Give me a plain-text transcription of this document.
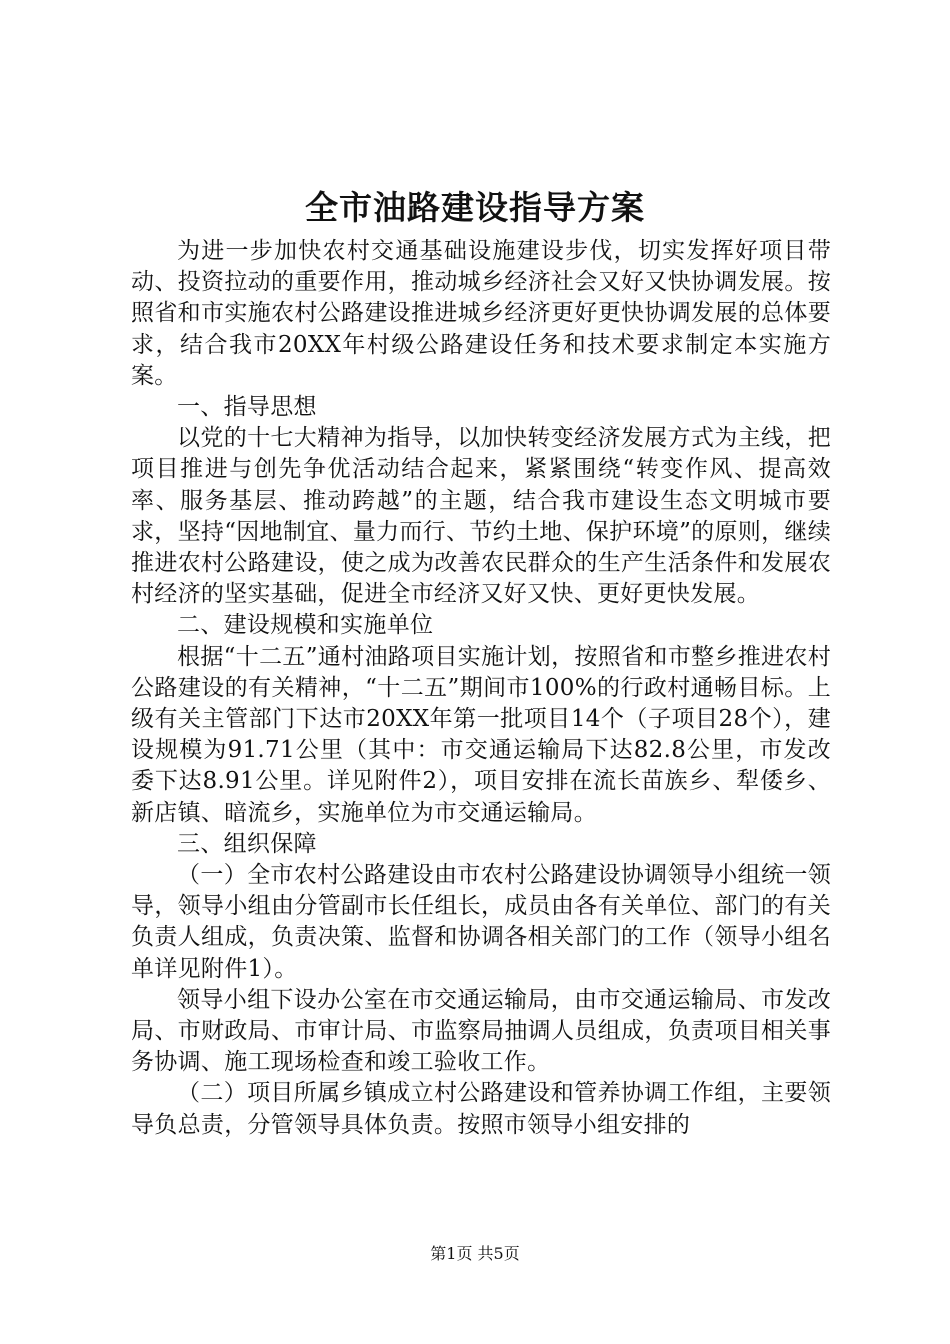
全市油路建设指导方案

为进一步加快农村交通基础设施建设步伐，切实发挥好项目带动、投资拉动的重要作用，推动城乡经济社会又好又快协调发展。按照省和市实施农村公路建设推进城乡经济更好更快协调发展的总体要求，结合我市20XX年村级公路建设任务和技术要求制定本实施方案。

一、指导思想

以党的十七大精神为指导，以加快转变经济发展方式为主线，把项目推进与创先争优活动结合起来，紧紧围绕“转变作风、提高效率、服务基层、推动跨越”的主题，结合我市建设生态文明城市要求，坚持“因地制宜、量力而行、节约土地、保护环境”的原则，继续推进农村公路建设，使之成为改善农民群众的生产生活条件和发展农村经济的坚实基础，促进全市经济又好又快、更好更快发展。

二、建设规模和实施单位

根据“十二五”通村油路项目实施计划，按照省和市整乡推进农村公路建设的有关精神，“十二五”期间市100%的行政村通畅目标。上级有关主管部门下达市20XX年第一批项目14个（子项目28个），建设规模为91.71公里（其中：市交通运输局下达82.8公里，市发改委下达8.91公里。详见附件2），项目安排在流长苗族乡、犁倭乡、新店镇、暗流乡，实施单位为市交通运输局。

三、组织保障

（一）全市农村公路建设由市农村公路建设协调领导小组统一领导，领导小组由分管副市长任组长，成员由各有关单位、部门的有关负责人组成，负责决策、监督和协调各相关部门的工作（领导小组名单详见附件1）。

领导小组下设办公室在市交通运输局，由市交通运输局、市发改局、市财政局、市审计局、市监察局抽调人员组成，负责项目相关事务协调、施工现场检查和竣工验收工作。

（二）项目所属乡镇成立村公路建设和管养协调工作组，主要领导负总责，分管领导具体负责。按照市领导小组安排的

第1页 共5页
